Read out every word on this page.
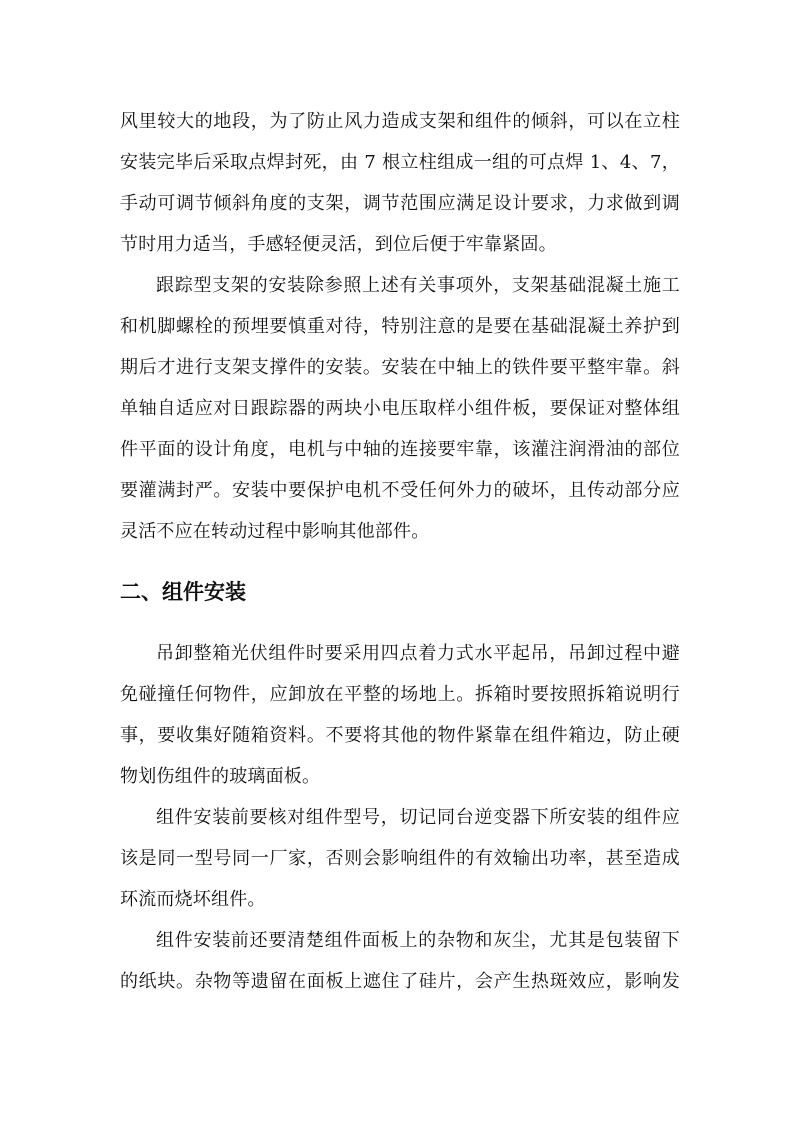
风里较大的地段，为了防止风力造成支架和组件的倾斜，可以在立柱
安装完毕后采取点焊封死，由 7 根立柱组成一组的可点焊 1、4、7，
手动可调节倾斜角度的支架，调节范围应满足设计要求，力求做到调
节时用力适当，手感轻便灵活，到位后便于牢靠紧固。
跟踪型支架的安装除参照上述有关事项外，支架基础混凝土施工
和机脚螺栓的预埋要慎重对待，特别注意的是要在基础混凝土养护到
期后才进行支架支撑件的安装。安装在中轴上的铁件要平整牢靠。斜
单轴自适应对日跟踪器的两块小电压取样小组件板，要保证对整体组
件平面的设计角度，电机与中轴的连接要牢靠，该灌注润滑油的部位
要灌满封严。安装中要保护电机不受任何外力的破坏，且传动部分应
灵活不应在转动过程中影响其他部件。
二、组件安装
吊卸整箱光伏组件时要采用四点着力式水平起吊，吊卸过程中避
免碰撞任何物件，应卸放在平整的场地上。拆箱时要按照拆箱说明行
事，要收集好随箱资料。不要将其他的物件紧靠在组件箱边，防止硬
物划伤组件的玻璃面板。
组件安装前要核对组件型号，切记同台逆变器下所安装的组件应
该是同一型号同一厂家，否则会影响组件的有效输出功率，甚至造成
环流而烧坏组件。
组件安装前还要清楚组件面板上的杂物和灰尘，尤其是包装留下
的纸块。杂物等遗留在面板上遮住了硅片，会产生热斑效应，影响发
